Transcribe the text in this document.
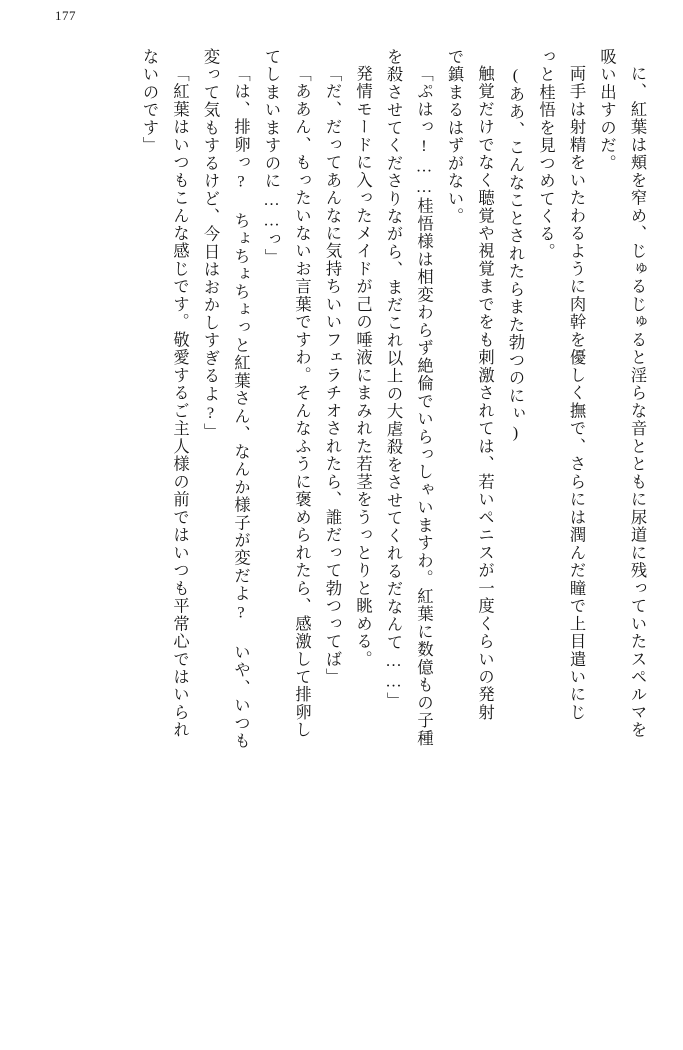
177
に、紅葉は頬を窄め、じゅるじゅると淫らな音とともに尿道に残っていたスペルマを
吸い出すのだ。
両手は射精をいたわるように肉幹を優しく撫で、さらには潤んだ瞳で上目遣いにじ
っと桂悟を見つめてくる。
(ああ、こんなことされたらまた勃つのにぃ)
触覚だけでなく聴覚や視覚までをも刺激されては、若いペニスが一度くらいの発射
で鎮まるはずがない。
「ぷはっ!……桂悟様は相変わらず絶倫でいらっしゃいますわ。紅葉に数億もの子種
を殺させてくださりながら、まだこれ以上の大虐殺をさせてくれるだなんて……」
発情モードに入ったメイドが己の唾液にまみれた若茎をうっとりと眺める。
「だ、だってあんなに気持ちいいフェラチオされたら、誰だって勃つってば」
「ああん、もったいないお言葉ですわ。そんなふうに褒められたら、感激して排卵し
てしまいますのに……っ」
「は、排卵っ? ちょちょちょっと紅葉さん、なんか様子が変だよ? いや、いつも
変って気もするけど、今日はおかしすぎるよ?」
「紅葉はいつもこんな感じです。敬愛するご主人様の前ではいつも平常心ではいられ
ないのです」
